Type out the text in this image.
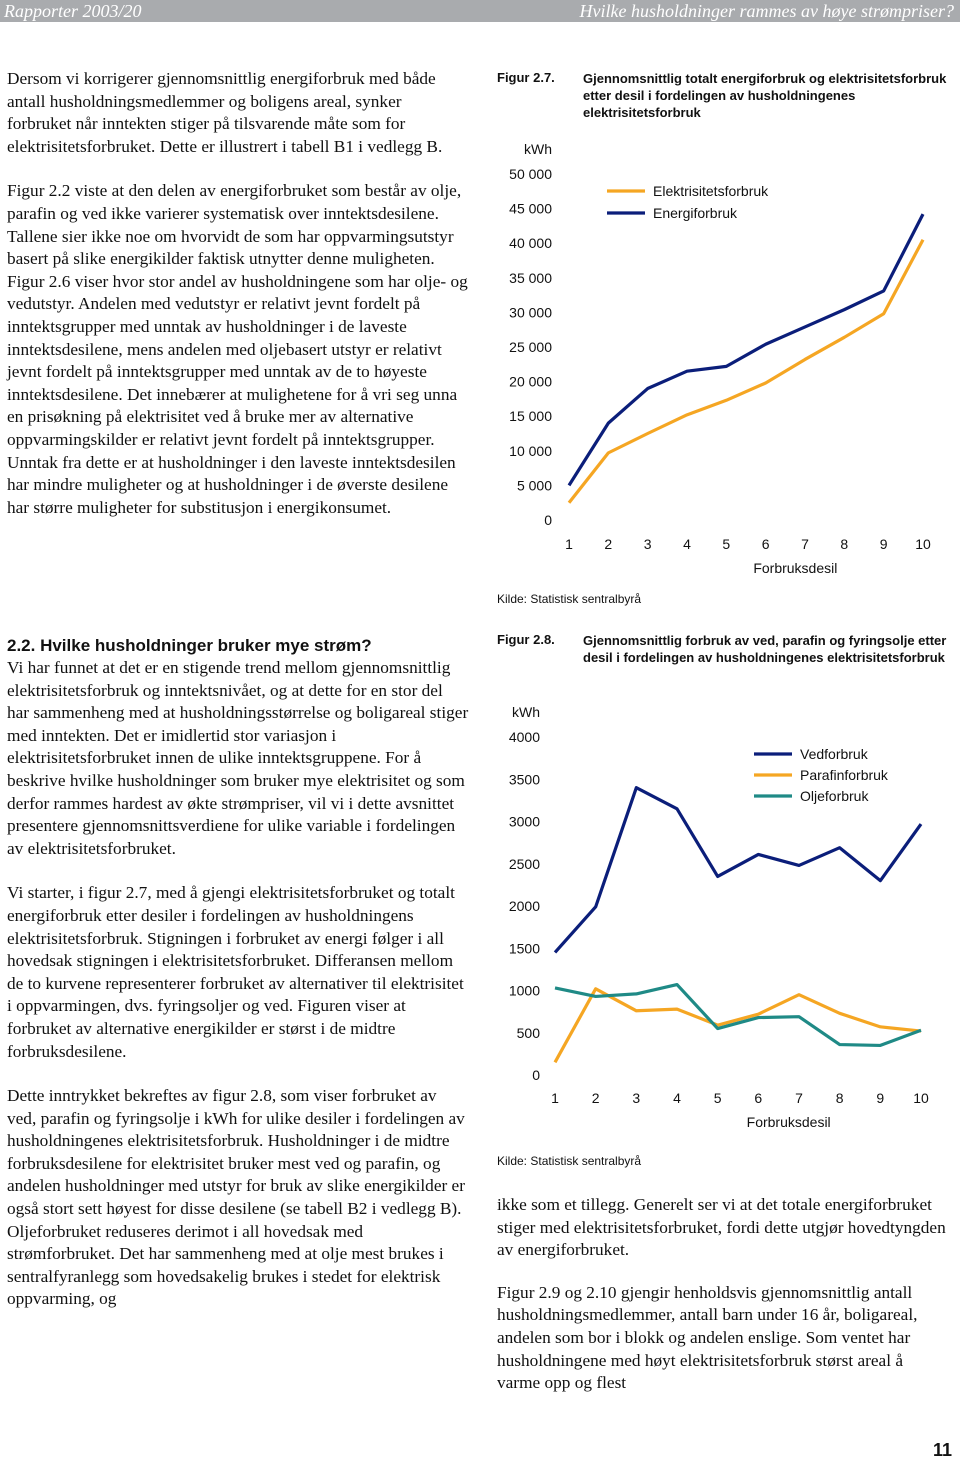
Rapporter 2003/20	Hvilke husholdninger rammes av høye strømpriser?

Dersom vi korrigerer gjennomsnittlig energiforbruk med både antall husholdningsmedlemmer og boligens areal, synker forbruket når inntekten stiger på tilsvarende måte som for elektrisitetsforbruket. Dette er illustrert i tabell B1 i vedlegg B.

Figur 2.2 viste at den delen av energiforbruket som består av olje, parafin og ved ikke varierer systematisk over inntektsdesilene. Tallene sier ikke noe om hvorvidt de som har oppvarmingsutstyr basert på slike energikilder faktisk utnytter denne muligheten. Figur 2.6 viser hvor stor andel av husholdningene som har olje- og vedutstyr. Andelen med vedutstyr er relativt jevnt fordelt på inntektsgrupper med unntak av husholdninger i de laveste inntektsdesilene, mens andelen med oljebasert utstyr er relativt jevnt fordelt på inntektsgrupper med unntak av de to høyeste inntektsdesilene. Det innebærer at mulighetene for å vri seg unna en prisøkning på elektrisitet ved å bruke mer av alternative oppvarmingskilder er relativt jevnt fordelt på inntektsgrupper. Unntak fra dette er at husholdninger i den laveste inntektsdesilen har mindre muligheter og at husholdninger i de øverste desilene har større muligheter for substitusjon i energikonsumet.

2.2. Hvilke husholdninger bruker mye strøm?

Vi har funnet at det er en stigende trend mellom gjennomsnittlig elektrisitetsforbruk og inntektsnivået, og at dette for en stor del har sammenheng med at husholdningsstørrelse og boligareal stiger med inntekten. Det er imidlertid stor variasjon i elektrisitetsforbruket innen de ulike inntektsgruppene. For å beskrive hvilke husholdninger som bruker mye elektrisitet og som derfor rammes hardest av økte strømpriser, vil vi i dette avsnittet presentere gjennomsnittsverdiene for ulike variable i fordelingen av elektrisitetsforbruket.

Vi starter, i figur 2.7, med å gjengi elektrisitetsforbruket og totalt energiforbruk etter desiler i fordelingen av husholdningens elektrisitetsforbruk. Stigningen i forbruket av energi følger i all hovedsak stigningen i elektrisitetsforbruket. Differansen mellom de to kurvene representerer forbruket av alternativer til elektrisitet i oppvarmingen, dvs. fyringsoljer og ved. Figuren viser at forbruket av alternative energikilder er størst i de midtre forbruksdesilene.

Dette inntrykket bekreftes av figur 2.8, som viser forbruket av ved, parafin og fyringsolje i kWh for ulike desiler i fordelingen av husholdningenes elektrisitetsforbruk. Husholdninger i de midtre forbruksdesilene for elektrisitet bruker mest ved og parafin, og andelen husholdninger med utstyr for bruk av slike energikilder er også stort sett høyest for disse desilene (se tabell B2 i vedlegg B). Oljeforbruket reduseres derimot i all hovedsak med strømforbruket. Det har sammenheng med at olje mest brukes i sentralfyranlegg som hovedsakelig brukes i stedet for elektrisk oppvarming, og

Figur 2.7. Gjennomsnittlig totalt energiforbruk og elektrisitetsforbruk etter desil i fordelingen av husholdningenes elektrisitetsforbruk
kWh
0
5 000
10 000
15 000
20 000
25 000
30 000
35 000
40 000
45 000
50 000
1 2 3 4 5 6 7 8 9 10
Forbruksdesil
Elektrisitetsforbruk
Energiforbruk
Kilde: Statistisk sentralbyrå
Figur 2.8. Gjennomsnittlig forbruk av ved, parafin og fyringsolje etter desil i fordelingen av husholdningenes elektrisitetsforbruk
kWh
0
500
1000
1500
2000
2500
3000
3500
4000
1 2 3 4 5 6 7 8 9 10
Forbruksdesil
Vedforbruk
Parafinforbruk
Oljeforbruk
Kilde: Statistisk sentralbyrå

ikke som et tillegg. Generelt ser vi at det totale energiforbruket stiger med elektrisitetsforbruket, fordi dette utgjør hovedtyngden av energiforbruket.

Figur 2.9 og 2.10 gjengir henholdsvis gjennomsnittlig antall husholdningsmedlemmer, antall barn under 16 år, boligareal, andelen som bor i blokk og andelen enslige. Som ventet har husholdningene med høyt elektrisitetsforbruk størst areal å varme opp og flest

11
